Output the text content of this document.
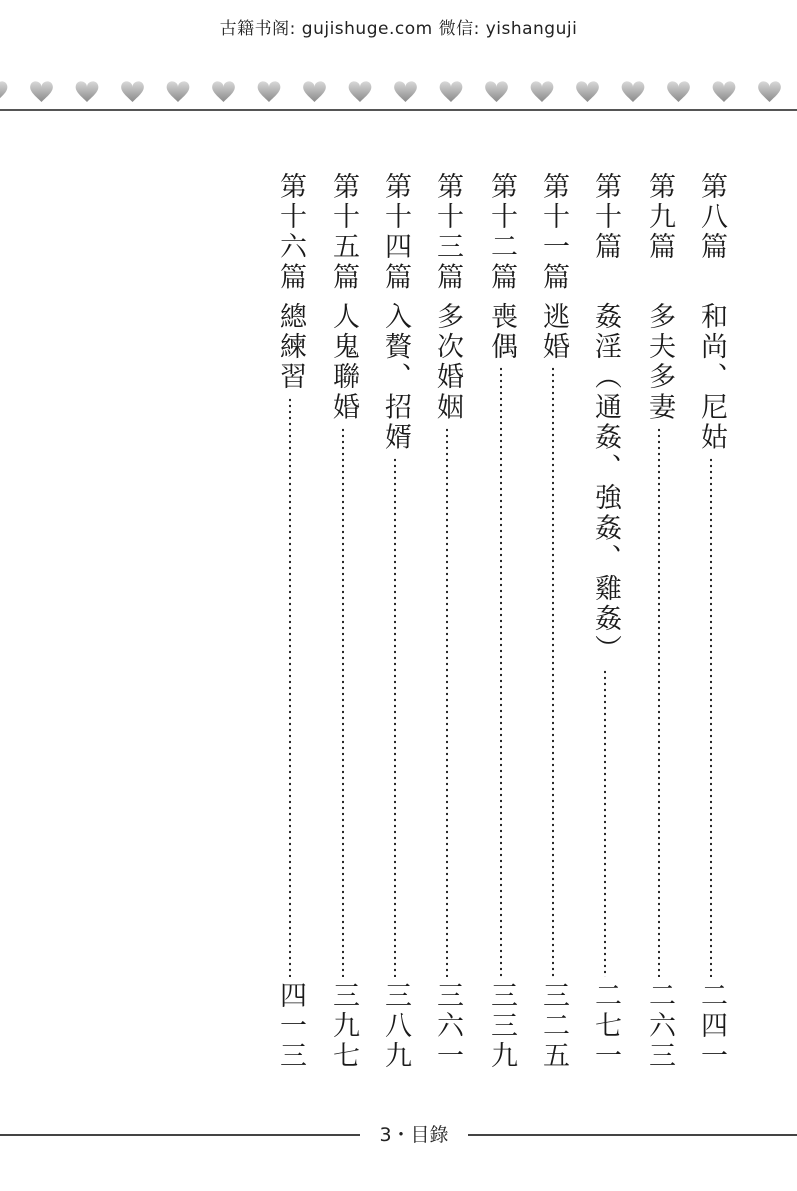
古籍书阁: gujishuge.com 微信: yishanguji
第八篇
和尚、尼姑
二四一
第九篇
多夫多妻
二六三
第十篇
姦淫（通姦、強姦、雞姦）
二七一
第十一篇
逃婚
三二五
第十二篇
喪偶
三三九
第十三篇
多次婚姻
三六一
第十四篇
入贅、招婿
三八九
第十五篇
人鬼聯婚
三九七
第十六篇
總練習
四一三
3・目錄
